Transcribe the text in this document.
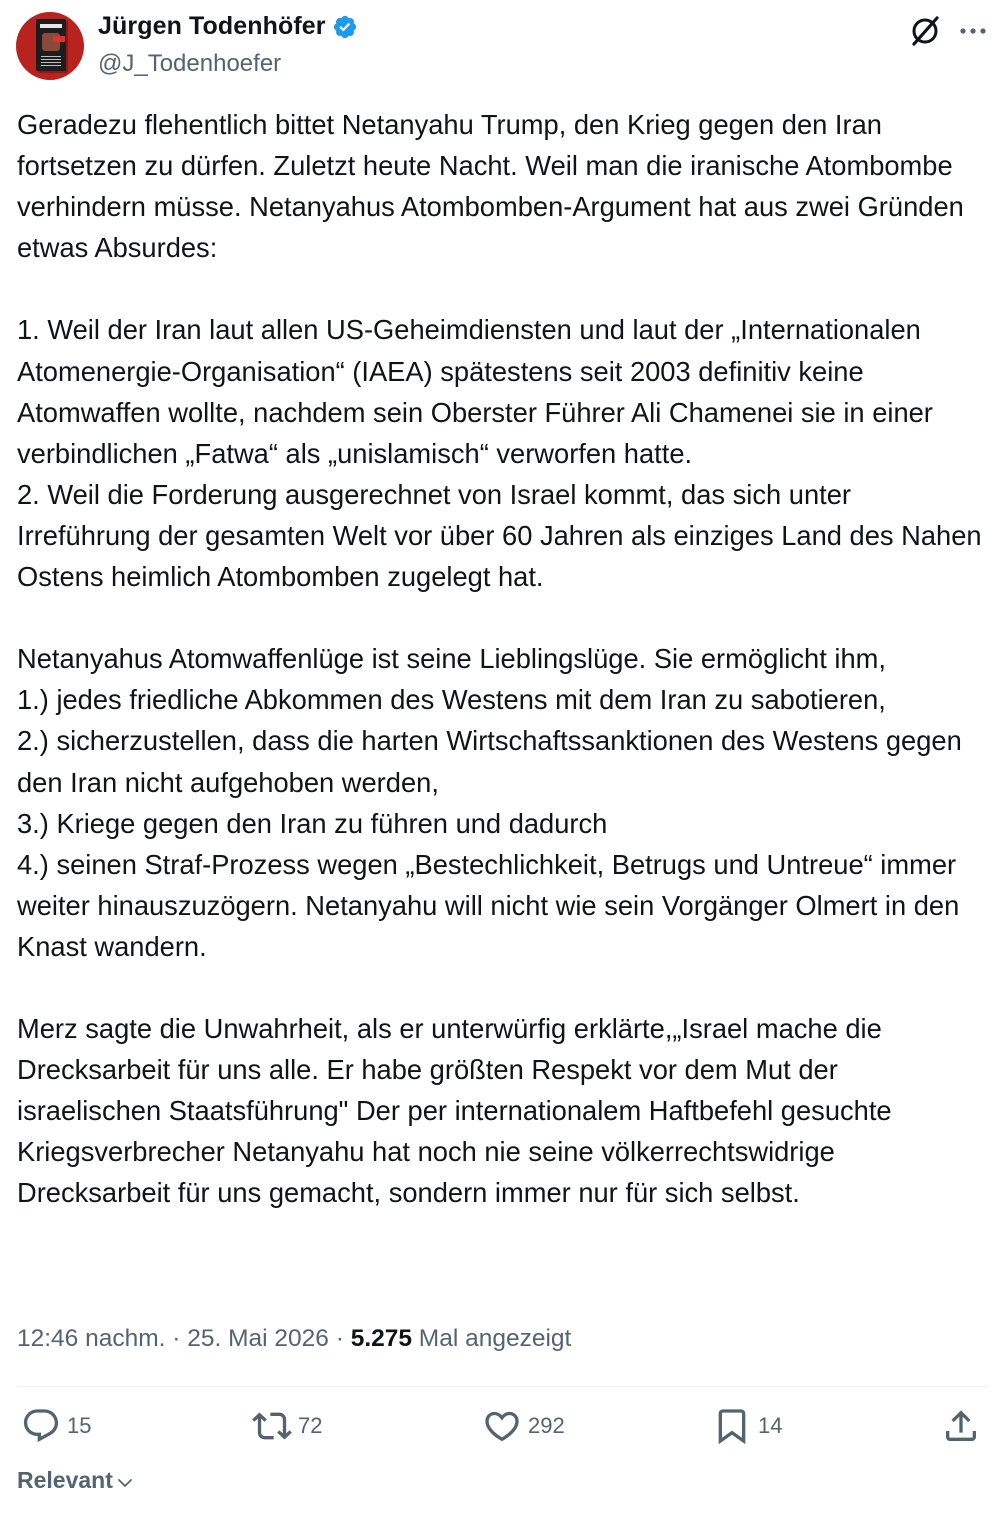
Jürgen Todenhöfer
@J_Todenhoefer

Geradezu flehentlich bittet Netanyahu Trump, den Krieg gegen den Iran fortsetzen zu dürfen. Zuletzt heute Nacht. Weil man die iranische Atombombe verhindern müsse. Netanyahus Atombomben-Argument hat aus zwei Gründen etwas Absurdes:

1. Weil der Iran laut allen US-Geheimdiensten und laut der „Internationalen Atomenergie-Organisation“ (IAEA) spätestens seit 2003 definitiv keine Atomwaffen wollte, nachdem sein Oberster Führer Ali Chamenei sie in einer verbindlichen „Fatwa“ als „unislamisch“ verworfen hatte.
2. Weil die Forderung ausgerechnet von Israel kommt, das sich unter Irreführung der gesamten Welt vor über 60 Jahren als einziges Land des Nahen Ostens heimlich Atombomben zugelegt hat.

Netanyahus Atomwaffenlüge ist seine Lieblingslüge. Sie ermöglicht ihm,
1.) jedes friedliche Abkommen des Westens mit dem Iran zu sabotieren,
2.) sicherzustellen, dass die harten Wirtschaftssanktionen des Westens gegen den Iran nicht aufgehoben werden,
3.) Kriege gegen den Iran zu führen und dadurch
4.) seinen Straf-Prozess wegen „Bestechlichkeit, Betrugs und Untreue“ immer weiter hinauszuzögern. Netanyahu will nicht wie sein Vorgänger Olmert in den Knast wandern.

Merz sagte die Unwahrheit, als er unterwürfig erklärte,„Israel mache die Drecksarbeit für uns alle. Er habe größten Respekt vor dem Mut der israelischen Staatsführung" Der per internationalem Haftbefehl gesuchte Kriegsverbrecher Netanyahu hat noch nie seine völkerrechtswidrige Drecksarbeit für uns gemacht, sondern immer nur für sich selbst.

12:46 nachm. · 25. Mai 2026 · 5.275 Mal angezeigt
15	72	292	14
Relevant
